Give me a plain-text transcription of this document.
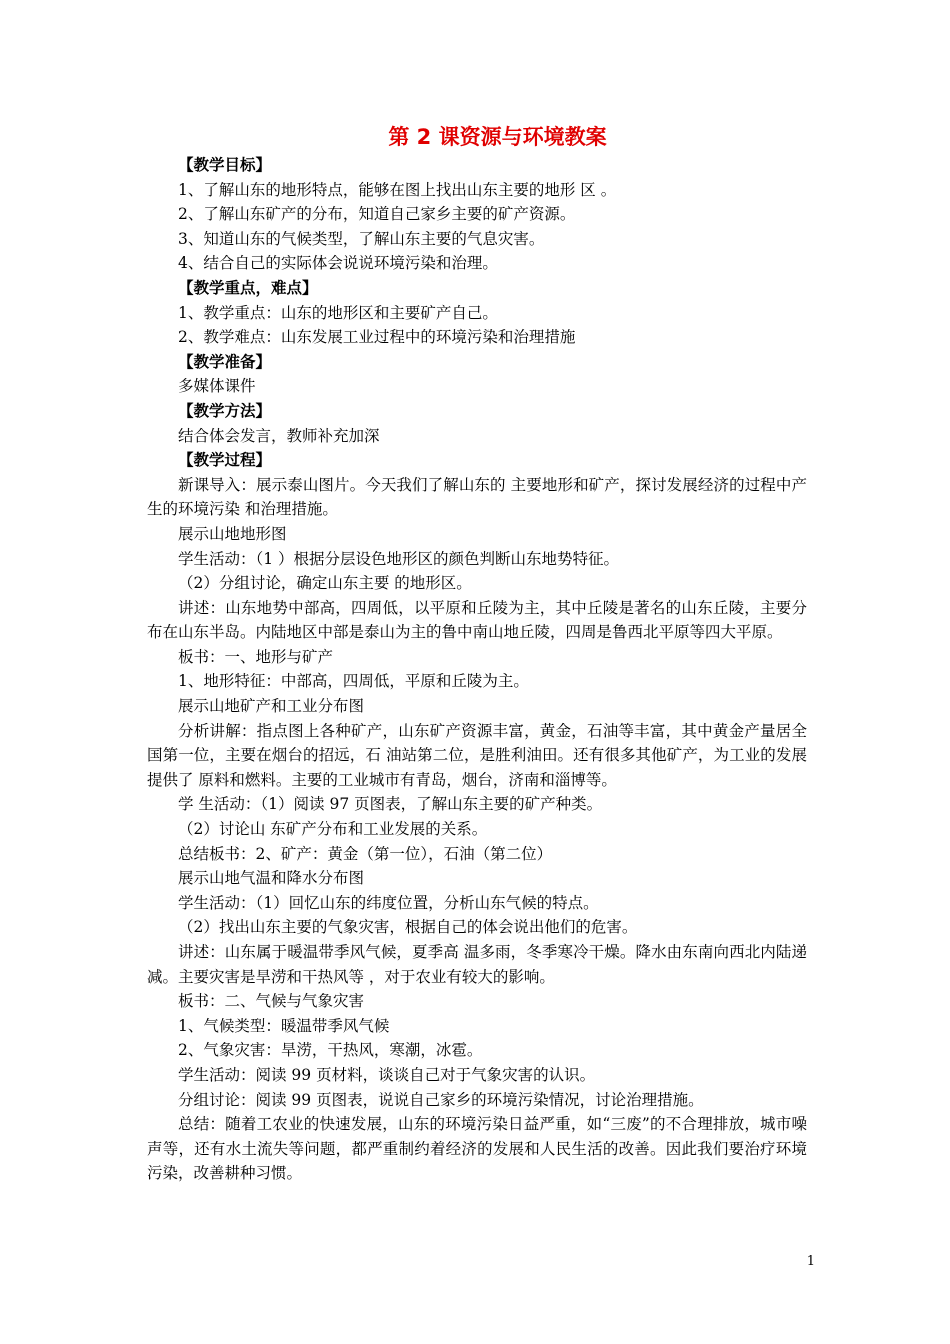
第 2 课资源与环境教案
【教学目标】
1、了解山东的地形特点，能够在图上找出山东主要的地形 区 。
2、了解山东矿产的分布，知道自己家乡主要的矿产资源。
3、知道山东的气候类型，了解山东主要的气息灾害。
4、结合自己的实际体会说说环境污染和治理。
【教学重点，难点】
1、教学重点：山东的地形区和主要矿产自己。
2、教学难点：山东发展工业过程中的环境污染和治理措施
【教学准备】
多媒体课件
【教学方法】
结合体会发言，教师补充加深
【教学过程】
新课导入：展示泰山图片。今天我们了解山东的 主要地形和矿产，探讨发展经济的过程中产生的环境污染 和治理措施。
展示山地地形图
学生活动：（1 ）根据分层设色地形区的颜色判断山东地势特征。
（2）分组讨论，确定山东主要 的地形区。
讲述：山东地势中部高，四周低，以平原和丘陵为主，其中丘陵是著名的山东丘陵，主要分布在山东半岛。内陆地区中部是泰山为主的鲁中南山地丘陵，四周是鲁西北平原等四大平原。
板书：一、地形与矿产
1、地形特征：中部高，四周低，平原和丘陵为主。
展示山地矿产和工业分布图
分析讲解：指点图上各种矿产，山东矿产资源丰富，黄金，石油等丰富，其中黄金产量居全国第一位，主要在烟台的招远，石 油站第二位，是胜利油田。还有很多其他矿产，为工业的发展提供了 原料和燃料。主要的工业城市有青岛，烟台，济南和淄博等。
学 生活动：（1）阅读 97 页图表，了解山东主要的矿产种类。
（2）讨论山 东矿产分布和工业发展的关系。
总结板书：2、矿产：黄金（第一位），石油（第二位）
展示山地气温和降水分布图
学生活动：（1）回忆山东的纬度位置，分析山东气候的特点。
（2）找出山东主要的气象灾害，根据自己的体会说出他们的危害。
讲述：山东属于暖温带季风气候，夏季高 温多雨，冬季寒冷干燥。降水由东南向西北内陆递减。主要灾害是旱涝和干热风等 ，对于农业有较大的影响。
板书：二、气候与气象灾害
1、气候类型：暖温带季风气候
2、气象灾害：旱涝，干热风，寒潮，冰雹。
学生活动：阅读 99 页材料，谈谈自己对于气象灾害的认识。
分组讨论：阅读 99 页图表，说说自己家乡的环境污染情况，讨论治理措施。
总结：随着工农业的快速发展，山东的环境污染日益严重，如“三废”的不合理排放，城市噪声等，还有水土流失等问题，都严重制约着经济的发展和人民生活的改善。因此我们要治疗环境污染，改善耕种习惯。
1
